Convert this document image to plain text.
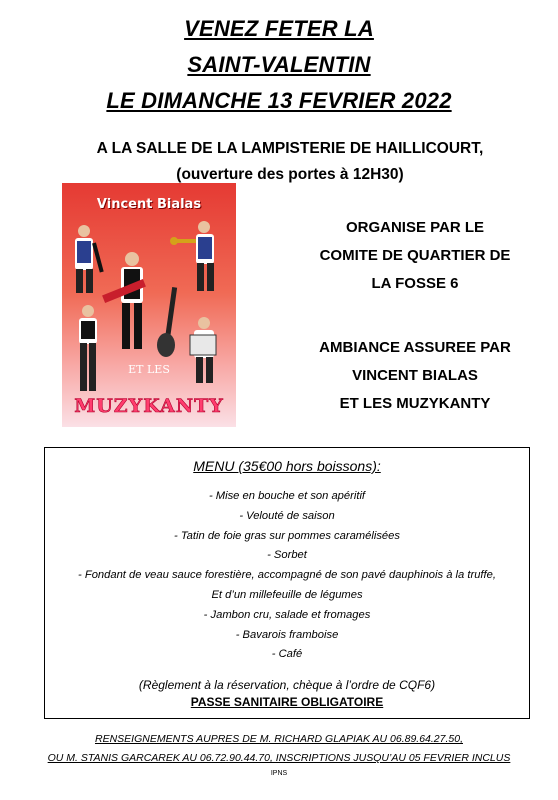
VENEZ FETER LA
SAINT-VALENTIN
LE DIMANCHE 13 FEVRIER 2022
A LA SALLE DE LA LAMPISTERIE DE HAILLICOURT,
(ouverture des portes à 12H30)
Vincent Bialas
ET LES
MUZYKANTY
ORGANISE PAR LE
COMITE DE QUARTIER DE
LA FOSSE 6
AMBIANCE ASSUREE PAR
VINCENT BIALAS
ET LES MUZYKANTY
MENU (35€00 hors boissons):
- Mise en bouche et son apéritif
- Velouté de saison
- Tatin de foie gras sur pommes caramélisées
- Sorbet
- Fondant de veau sauce forestière, accompagné de son pavé dauphinois à la truffe,
Et d’un millefeuille de légumes
- Jambon cru, salade et fromages
- Bavarois framboise
- Café
(Règlement à la réservation, chèque à l’ordre de CQF6)
PASSE SANITAIRE OBLIGATOIRE
RENSEIGNEMENTS AUPRES DE M. RICHARD GLAPIAK AU 06.89.64.27.50,
OU M. STANIS GARCAREK AU 06.72.90.44.70, INSCRIPTIONS JUSQU’AU 05 FEVRIER INCLUS
IPNS
